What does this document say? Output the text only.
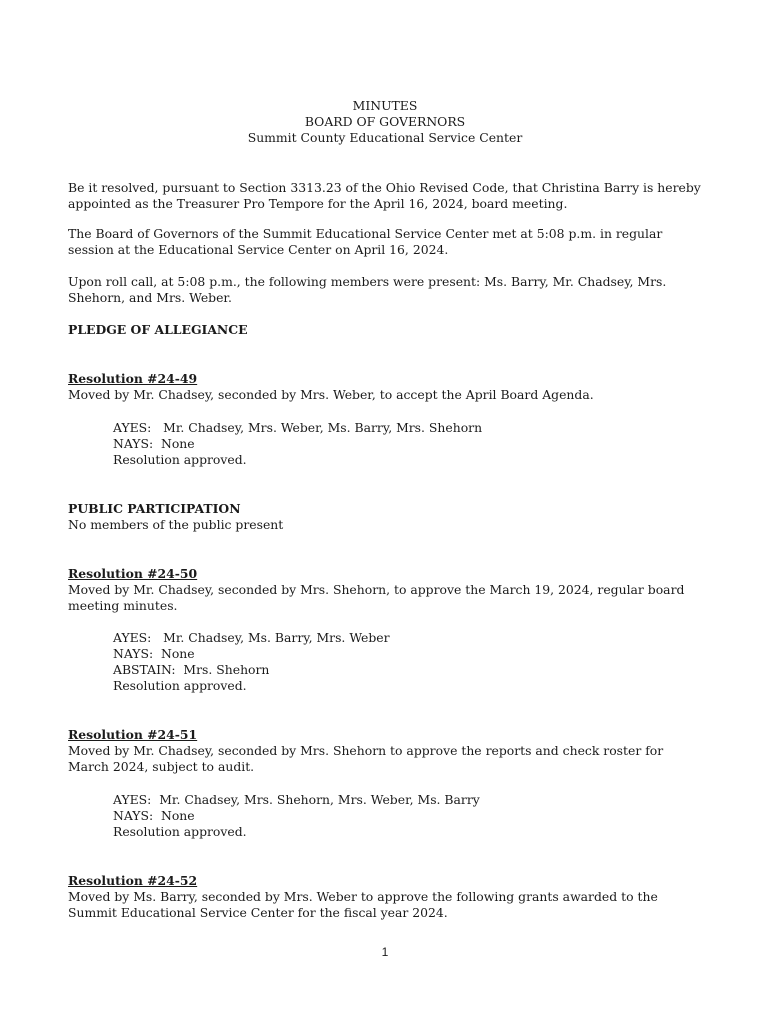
MINUTES
BOARD OF GOVERNORS
Summit County Educational Service Center
Be it resolved, pursuant to Section 3313.23 of the Ohio Revised Code, that Christina Barry is hereby appointed as the Treasurer Pro Tempore for the April 16, 2024, board meeting.
The Board of Governors of the Summit Educational Service Center met at 5:08 p.m. in regular session at the Educational Service Center on April 16, 2024.
Upon roll call, at 5:08 p.m., the following members were present: Ms. Barry, Mr. Chadsey, Mrs. Shehorn, and Mrs. Weber.
PLEDGE OF ALLEGIANCE
Resolution #24-49
Moved by Mr. Chadsey, seconded by Mrs. Weber, to accept the April Board Agenda.
AYES:   Mr. Chadsey, Mrs. Weber, Ms. Barry, Mrs. Shehorn
NAYS:  None
Resolution approved.
PUBLIC PARTICIPATION
No members of the public present
Resolution #24-50
Moved by Mr. Chadsey, seconded by Mrs. Shehorn, to approve the March 19, 2024, regular board meeting minutes.
AYES:   Mr. Chadsey, Ms. Barry, Mrs. Weber
NAYS:  None
ABSTAIN:  Mrs. Shehorn
Resolution approved.
Resolution #24-51
Moved by Mr. Chadsey, seconded by Mrs. Shehorn to approve the reports and check roster for March 2024, subject to audit.
AYES:  Mr. Chadsey, Mrs. Shehorn, Mrs. Weber, Ms. Barry
NAYS:  None
Resolution approved.
Resolution #24-52
Moved by Ms. Barry, seconded by Mrs. Weber to approve the following grants awarded to the Summit Educational Service Center for the fiscal year 2024.
1
